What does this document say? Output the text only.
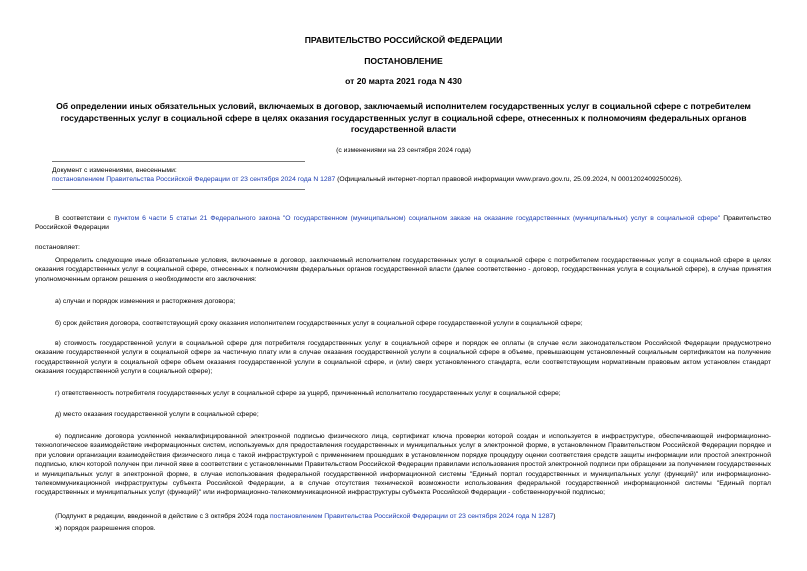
ПРАВИТЕЛЬСТВО РОССИЙСКОЙ ФЕДЕРАЦИИ
ПОСТАНОВЛЕНИЕ
от 20 марта 2021 года N 430
Об определении иных обязательных условий, включаемых в договор, заключаемый исполнителем государственных услуг в социальной сфере с потребителем государственных услуг в социальной сфере в целях оказания государственных услуг в социальной сфере, отнесенных к полномочиям федеральных органов государственной власти
(с изменениями на 23 сентября 2024 года)
Документ с изменениями, внесенными:
постановлением Правительства Российской Федерации от 23 сентября 2024 года N 1287 (Официальный интернет-портал правовой информации www.pravo.gov.ru, 25.09.2024, N 0001202409250026).
В соответствии с пунктом 6 части 5 статьи 21 Федерального закона "О государственном (муниципальном) социальном заказе на оказание государственных (муниципальных) услуг в социальной сфере" Правительство Российской Федерации
постановляет:
Определить следующие иные обязательные условия, включаемые в договор, заключаемый исполнителем государственных услуг в социальной сфере с потребителем государственных услуг в социальной сфере в целях оказания государственных услуг в социальной сфере, отнесенных к полномочиям федеральных органов государственной власти (далее соответственно - договор, государственная услуга в социальной сфере), в случае принятия уполномоченным органом решения о необходимости его заключения:
а) случаи и порядок изменения и расторжения договора;
б) срок действия договора, соответствующий сроку оказания исполнителем государственных услуг в социальной сфере государственной услуги в социальной сфере;
в) стоимость государственной услуги в социальной сфере для потребителя государственных услуг в социальной сфере и порядок ее оплаты (в случае если законодательством Российской Федерации предусмотрено оказание государственной услуги в социальной сфере за частичную плату или в случае оказания государственной услуги в социальной сфере в объеме, превышающем установленный социальным сертификатом на получение государственной услуги в социальной сфере объем оказания государственной услуги в социальной сфере, и (или) сверх установленного стандарта, если соответствующим нормативным правовым актом установлен стандарт оказания государственной услуги в социальной сфере);
г) ответственность потребителя государственных услуг в социальной сфере за ущерб, причиненный исполнителю государственных услуг в социальной сфере;
д) место оказания государственной услуги в социальной сфере;
е) подписание договора усиленной неквалифицированной электронной подписью физического лица, сертификат ключа проверки которой создан и используется в инфраструктуре, обеспечивающей информационно-технологическое взаимодействие информационных систем, используемых для предоставления государственных и муниципальных услуг в электронной форме, в установленном Правительством Российской Федерации порядке и при условии организации взаимодействия физического лица с такой инфраструктурой с применением прошедших в установленном порядке процедуру оценки соответствия средств защиты информации или простой электронной подписью, ключ которой получен при личной явке в соответствии с установленными Правительством Российской Федерации правилами использования простой электронной подписи при обращении за получением государственных и муниципальных услуг в электронной форме, в случае использования федеральной государственной информационной системы "Единый портал государственных и муниципальных услуг (функций)" или информационно-телекоммуникационной инфраструктуры субъекта Российской Федерации, а в случае отсутствия технической возможности использования федеральной государственной информационной системы "Единый портал государственных и муниципальных услуг (функций)" или информационно-телекоммуникационной инфраструктуры субъекта Российской Федерации - собственноручной подписью;
(Подпункт в редакции, введенной в действие с 3 октября 2024 года постановлением Правительства Российской Федерации от 23 сентября 2024 года N 1287)
ж) порядок разрешения споров.
